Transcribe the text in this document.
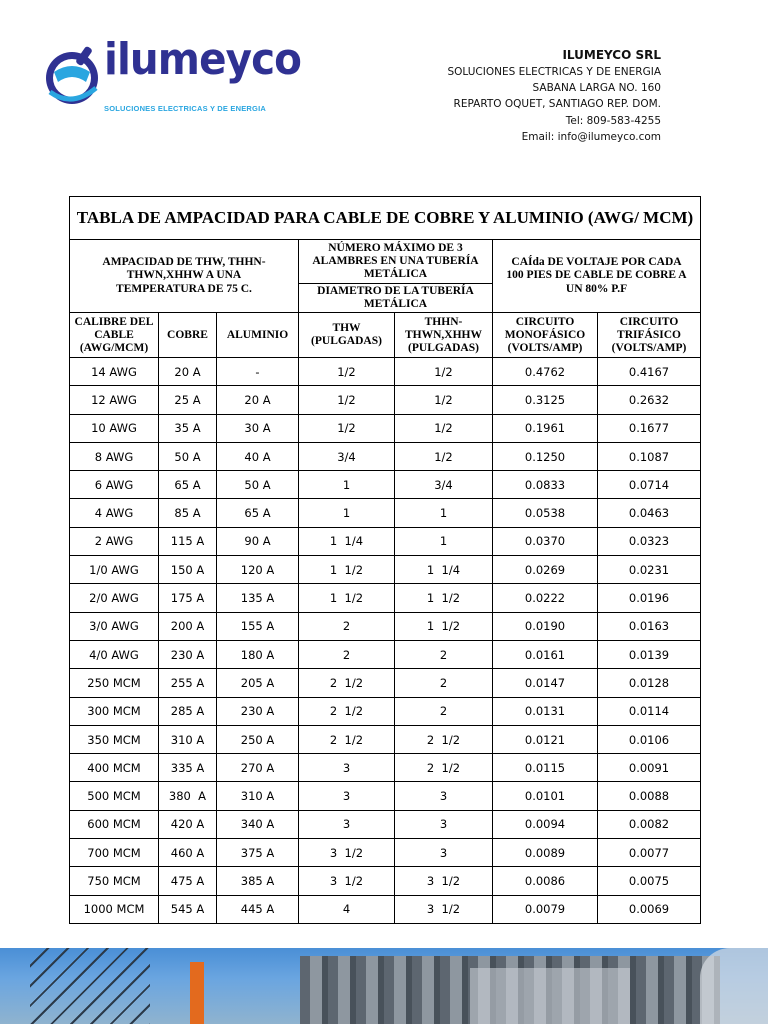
ilumeyco
SOLUCIONES ELECTRICAS Y DE ENERGIA
ILUMEYCO SRL
SOLUCIONES ELECTRICAS Y DE ENERGIA
SABANA LARGA NO. 160
REPARTO OQUET, SANTIAGO REP. DOM.
Tel: 809-583-4255
Email: info@ilumeyco.com
TABLA DE AMPACIDAD PARA CABLE DE COBRE Y ALUMINIO (AWG/ MCM)						
AMPACIDAD DE THW, THHN-THWN,XHHW A UNA TEMPERATURA DE 75 C.			NÚMERO MÁXIMO DE 3 ALAMBRES EN UNA TUBERÍA METÁLICA		CAÍda DE VOLTAJE POR CADA 100 PIES DE CABLE DE COBRE A UN 80% P.F	
			DIAMETRO DE LA TUBERÍA METÁLICA			
CALIBRE DEL CABLE (AWG/MCM)	COBRE	ALUMINIO	THW (PULGADAS)	THHN-THWN,XHHW (PULGADAS)	CIRCUITO MONOFÁSICO (VOLTS/AMP)	CIRCUITO TRIFÁSICO (VOLTS/AMP)
14 AWG	20 A	-	1/2	1/2	0.4762	0.4167
12 AWG	25 A	20 A	1/2	1/2	0.3125	0.2632
10 AWG	35 A	30 A	1/2	1/2	0.1961	0.1677
8 AWG	50 A	40 A	3/4	1/2	0.1250	0.1087
6 AWG	65 A	50 A	1	3/4	0.0833	0.0714
4 AWG	85 A	65 A	1	1	0.0538	0.0463
2 AWG	115 A	90 A	1  1/4	1	0.0370	0.0323
1/0 AWG	150 A	120 A	1  1/2	1  1/4	0.0269	0.0231
2/0 AWG	175 A	135 A	1  1/2	1  1/2	0.0222	0.0196
3/0 AWG	200 A	155 A	2	1  1/2	0.0190	0.0163
4/0 AWG	230 A	180 A	2	2	0.0161	0.0139
250 MCM	255 A	205 A	2  1/2	2	0.0147	0.0128
300 MCM	285 A	230 A	2  1/2	2	0.0131	0.0114
350 MCM	310 A	250 A	2  1/2	2  1/2	0.0121	0.0106
400 MCM	335 A	270 A	3	2  1/2	0.0115	0.0091
500 MCM	380  A	310 A	3	3	0.0101	0.0088
600 MCM	420 A	340 A	3	3	0.0094	0.0082
700 MCM	460 A	375 A	3  1/2	3	0.0089	0.0077
750 MCM	475 A	385 A	3  1/2	3  1/2	0.0086	0.0075
1000 MCM	545 A	445 A	4	3  1/2	0.0079	0.0069
